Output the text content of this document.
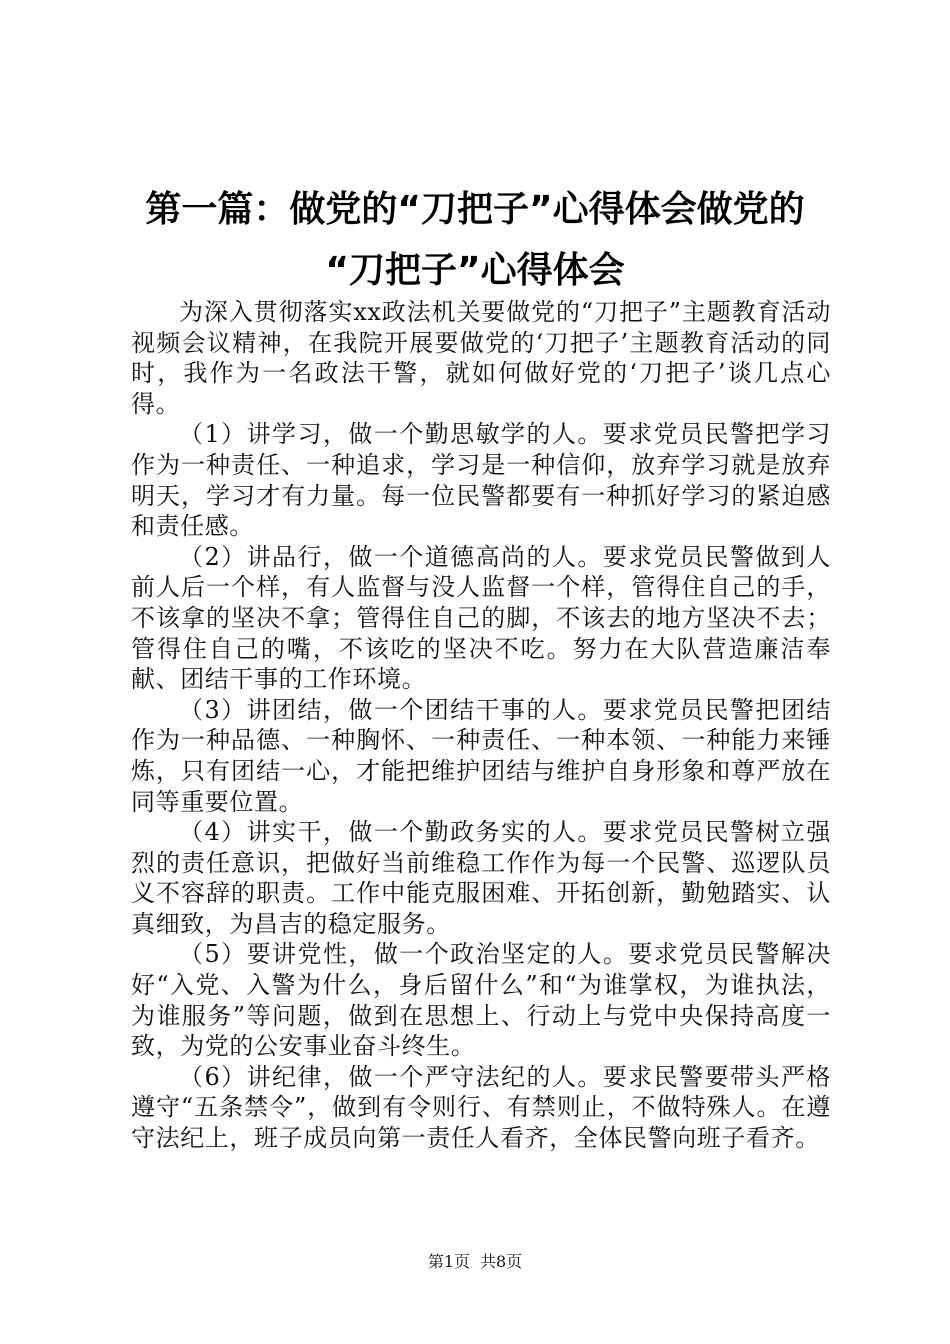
第一篇：做党的“刀把子”心得体会做党的
“刀把子”心得体会

为深入贯彻落实xx政法机关要做党的“刀把子”主题教育活动视频会议精神，在我院开展要做党的‘刀把子’主题教育活动的同时，我作为一名政法干警，就如何做好党的‘刀把子’谈几点心得。

（1）讲学习，做一个勤思敏学的人。要求党员民警把学习作为一种责任、一种追求，学习是一种信仰，放弃学习就是放弃明天，学习才有力量。每一位民警都要有一种抓好学习的紧迫感和责任感。

（2）讲品行，做一个道德高尚的人。要求党员民警做到人前人后一个样，有人监督与没人监督一个样，管得住自己的手，不该拿的坚决不拿；管得住自己的脚，不该去的地方坚决不去；管得住自己的嘴，不该吃的坚决不吃。努力在大队营造廉洁奉献、团结干事的工作环境。

（3）讲团结，做一个团结干事的人。要求党员民警把团结作为一种品德、一种胸怀、一种责任、一种本领、一种能力来锤炼，只有团结一心，才能把维护团结与维护自身形象和尊严放在同等重要位置。

（4）讲实干，做一个勤政务实的人。要求党员民警树立强烈的责任意识，把做好当前维稳工作作为每一个民警、巡逻队员义不容辞的职责。工作中能克服困难、开拓创新，勤勉踏实、认真细致，为昌吉的稳定服务。

（5）要讲党性，做一个政治坚定的人。要求党员民警解决好“入党、入警为什么，身后留什么”和“为谁掌权，为谁执法，为谁服务”等问题，做到在思想上、行动上与党中央保持高度一致，为党的公安事业奋斗终生。

（6）讲纪律，做一个严守法纪的人。要求民警要带头严格遵守“五条禁令”，做到有令则行、有禁则止，不做特殊人。在遵守法纪上，班子成员向第一责任人看齐，全体民警向班子看齐。

第1页 共8页
